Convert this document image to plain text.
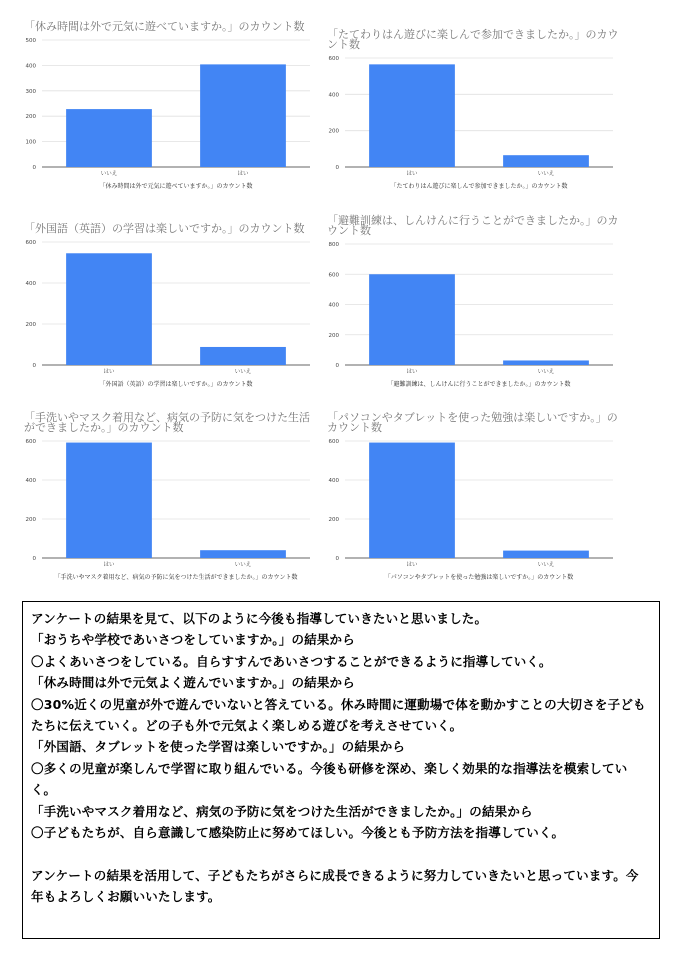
「休み時間は外で元気に遊べていますか。」のカウント数
0
100
200
300
400
500
いいえ	はい
「休み時間は外で元気に遊べていますか。」のカウント数
「たてわりはん遊びに楽しんで参加できましたか。」のカウント数
0
200
400
600
はい	いいえ
「たてわりはん遊びに楽しんで参加できましたか。」のカウント数
「外国語（英語）の学習は楽しいですか。」のカウント数
0
200
400
600
はい	いいえ
「外国語（英語）の学習は楽しいですか。」のカウント数
「避難訓練は、しんけんに行うことができましたか。」のカウント数
0
200
400
600
800
はい	いいえ
「避難訓練は、しんけんに行うことができましたか。」のカウント数
「手洗いやマスク着用など、病気の予防に気をつけた生活ができましたか。」のカウント数
0
200
400
600
はい	いいえ
「手洗いやマスク着用など、病気の予防に気をつけた生活ができましたか。」のカウント数
「パソコンやタブレットを使った勉強は楽しいですか。」のカウント数
0
200
400
600
はい	いいえ
「パソコンやタブレットを使った勉強は楽しいですか。」のカウント数
アンケートの結果を見て、以下のように今後も指導していきたいと思いました。
「おうちや学校であいさつをしていますか。」の結果から
〇よくあいさつをしている。自らすすんであいさつすることができるように指導していく。
「休み時間は外で元気よく遊んでいますか。」の結果から
〇30%近くの児童が外で遊んでいないと答えている。休み時間に運動場で体を動かすことの大切さを子どもたちに伝えていく。どの子も外で元気よく楽しめる遊びを考えさせていく。
「外国語、タブレットを使った学習は楽しいですか。」の結果から
〇多くの児童が楽しんで学習に取り組んでいる。今後も研修を深め、楽しく効果的な指導法を模索していく。
「手洗いやマスク着用など、病気の予防に気をつけた生活ができましたか。」の結果から
〇子どもたちが、自ら意識して感染防止に努めてほしい。今後とも予防方法を指導していく。
アンケートの結果を活用して、子どもたちがさらに成長できるように努力していきたいと思っています。今年もよろしくお願いいたします。
